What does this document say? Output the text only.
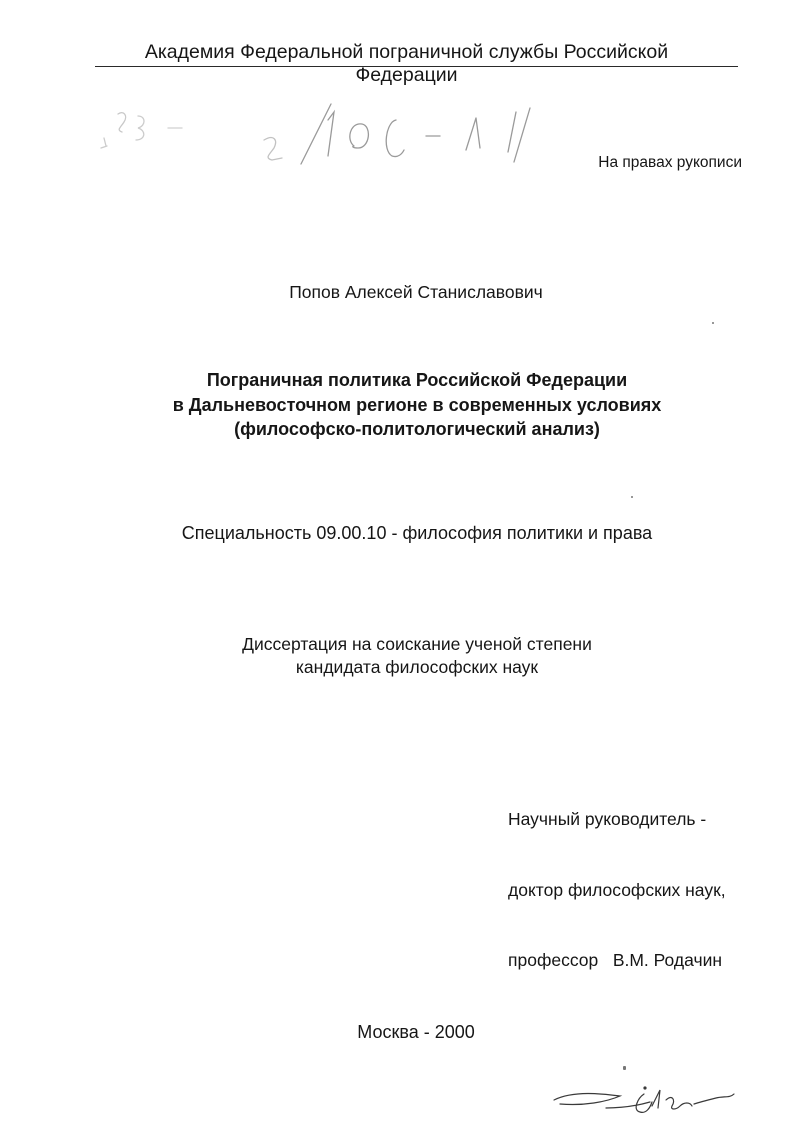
Академия Федеральной пограничной службы Российской Федерации
На правах рукописи
Попов Алексей Станиславович
Пограничная политика Российской Федерации
в Дальневосточном регионе в современных условиях
(философско-политологический анализ)
Специальность 09.00.10 - философия политики и права
Диссертация на соискание ученой степени
кандидата философских наук

Научный руководитель -

доктор философских наук,

профессор   В.М. Родачин

Москва - 2000
